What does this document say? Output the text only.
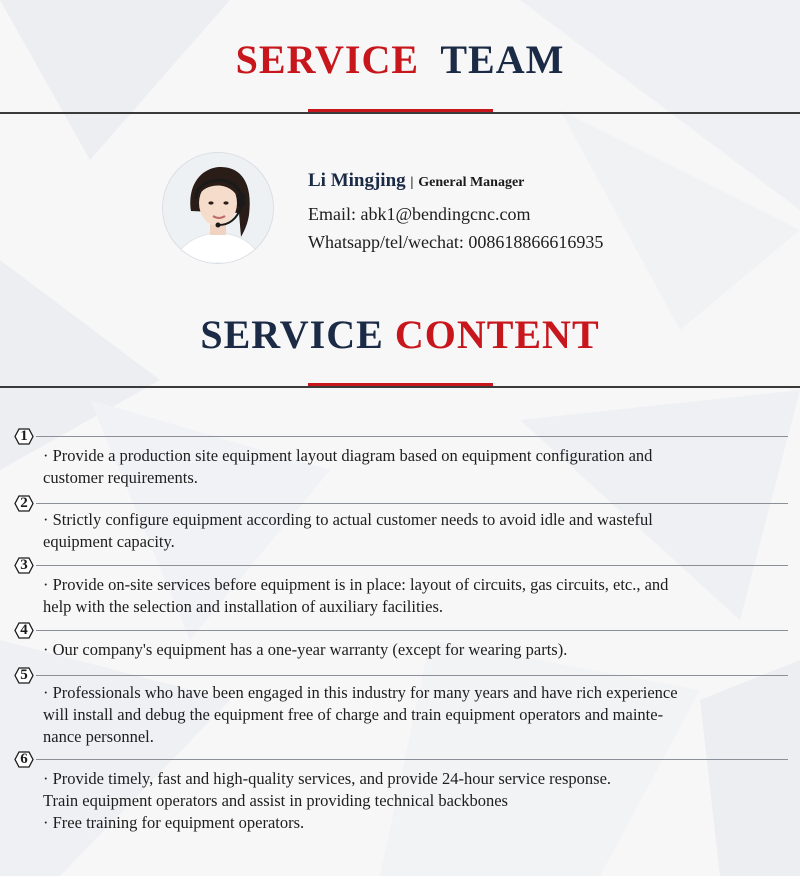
SERVICE TEAM
Li Mingjing | General Manager
Email: abk1@bendingcnc.com
Whatsapp/tel/wechat: 008618866616935
SERVICE CONTENT
1
· Provide a production site equipment layout diagram based on equipment configuration and
customer requirements.
2
· Strictly configure equipment according to actual customer needs to avoid idle and wasteful
equipment capacity.
3
· Provide on-site services before equipment is in place: layout of circuits, gas circuits, etc., and
help with the selection and installation of auxiliary facilities.
4
· Our company's equipment has a one-year warranty (except for wearing parts).
5
· Professionals who have been engaged in this industry for many years and have rich experience
will install and debug the equipment free of charge and train equipment operators and mainte-
nance personnel.
6
· Provide timely, fast and high-quality services, and provide 24-hour service response.
Train equipment operators and assist in providing technical backbones
· Free training for equipment operators.
